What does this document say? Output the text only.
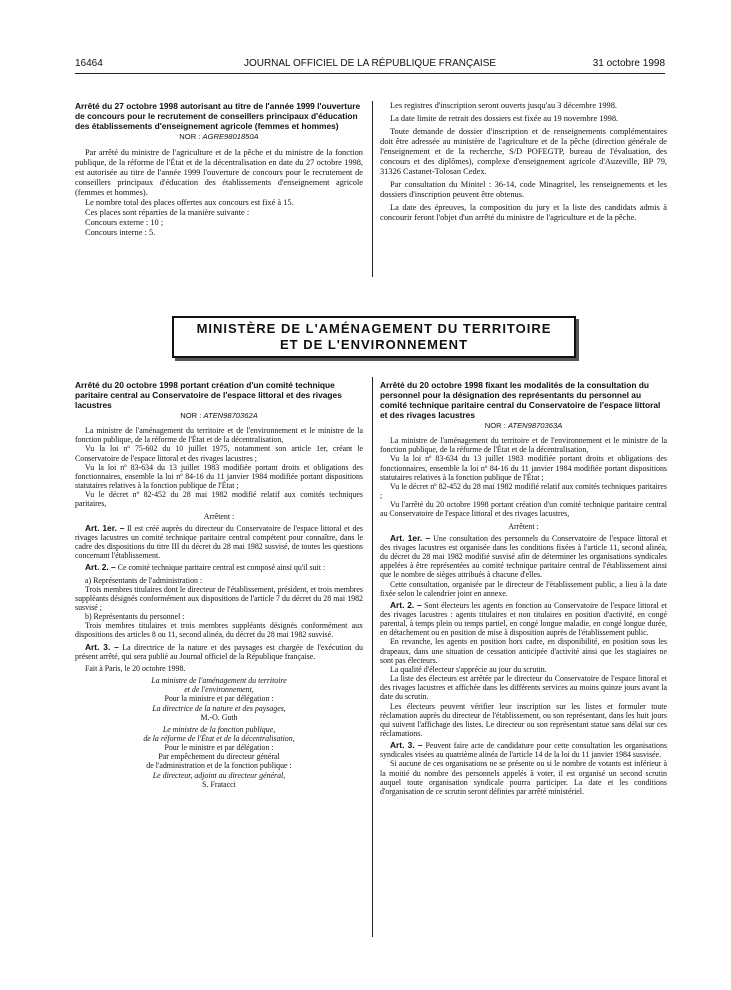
16464	JOURNAL OFFICIEL DE LA RÉPUBLIQUE FRANÇAISE	31 octobre 1998

Arrêté du 27 octobre 1998 autorisant au titre de l'année 1999 l'ouverture de concours pour le recrutement de conseillers principaux d'éducation des établissements d'enseignement agricole (femmes et hommes)

NOR : AGRE9801850A

Par arrêté du ministre de l'agriculture et de la pêche et du ministre de la fonction publique, de la réforme de l'État et de la décentralisation en date du 27 octobre 1998, est autorisée au titre de l'année 1999 l'ouverture de concours pour le recrutement de conseillers principaux d'éducation des établissements d'enseignement agricole (femmes et hommes).

Le nombre total des places offertes aux concours est fixé à 15.

Ces places sont réparties de la manière suivante :

Concours externe : 10 ;

Concours interne : 5.

Les registres d'inscription seront ouverts jusqu'au 3 décembre 1998.

La date limite de retrait des dossiers est fixée au 19 novembre 1998.

Toute demande de dossier d'inscription et de renseignements complémentaires doit être adressée au ministère de l'agriculture et de la pêche (direction générale de l'enseignement et de la recherche, S/D POFEGTP, bureau de l'évaluation, des concours et des diplômes), complexe d'enseignement agricole d'Auzeville, BP 79, 31326 Castanet-Tolosan Cedex.

Par consultation du Minitel : 36-14, code Minagritel, les renseignements et les dossiers d'inscription peuvent être obtenus.

La date des épreuves, la composition du jury et la liste des candidats admis à concourir feront l'objet d'un arrêté du ministre de l'agriculture et de la pêche.

MINISTÈRE DE L'AMÉNAGEMENT DU TERRITOIRE
ET DE L'ENVIRONNEMENT

Arrêté du 20 octobre 1998 portant création d'un comité technique paritaire central au Conservatoire de l'espace littoral et des rivages lacustres

NOR : ATEN9870362A

La ministre de l'aménagement du territoire et de l'environnement et le ministre de la fonction publique, de la réforme de l'État et de la décentralisation,

Vu la loi nº 75-602 du 10 juillet 1975, notamment son article 1er, créant le Conservatoire de l'espace littoral et des rivages lacustres ;

Vu la loi nº 83-634 du 13 juillet 1983 modifiée portant droits et obligations des fonctionnaires, ensemble la loi nº 84-16 du 11 janvier 1984 modifiée portant dispositions statutaires relatives à la fonction publique de l'État ;

Vu le décret nº 82-452 du 28 mai 1982 modifié relatif aux comités techniques paritaires,

Arrêtent :

Art. 1er. – Il est créé auprès du directeur du Conservatoire de l'espace littoral et des rivages lacustres un comité technique paritaire central compétent pour connaître, dans le cadre des dispositions du titre III du décret du 28 mai 1982 susvisé, de toutes les questions concernant l'établissement.

Art. 2. – Ce comité technique paritaire central est composé ainsi qu'il suit :

a) Représentants de l'administration :

Trois membres titulaires dont le directeur de l'établissement, président, et trois membres suppléants désignés conformément aux dispositions de l'article 7 du décret du 28 mai 1982 susvisé ;

b) Représentants du personnel :

Trois membres titulaires et trois membres suppléants désignés conformément aux dispositions des articles 8 ou 11, second alinéa, du décret du 28 mai 1982 susvisé.

Art. 3. – La directrice de la nature et des paysages est chargée de l'exécution du présent arrêté, qui sera publié au Journal officiel de la République française.

Fait à Paris, le 20 octobre 1998.

La ministre de l'aménagement du territoire

et de l'environnement,

Pour la ministre et par délégation :

La directrice de la nature et des paysages,

M.-O. Guth

Le ministre de la fonction publique,

de la réforme de l'État et de la décentralisation,

Pour le ministre et par délégation :

Par empêchement du directeur général

de l'administration et de la fonction publique :

Le directeur, adjoint au directeur général,

S. Fratacci

Arrêté du 20 octobre 1998 fixant les modalités de la consultation du personnel pour la désignation des représentants du personnel au comité technique paritaire central du Conservatoire de l'espace littoral et des rivages lacustres

NOR : ATEN9870363A

La ministre de l'aménagement du territoire et de l'environnement et le ministre de la fonction publique, de la réforme de l'État et de la décentralisation,

Vu la loi nº 83-634 du 13 juillet 1983 modifiée portant droits et obligations des fonctionnaires, ensemble la loi nº 84-16 du 11 janvier 1984 modifiée portant dispositions statutaires relatives à la fonction publique de l'État ;

Vu le décret nº 82-452 du 28 mai 1982 modifié relatif aux comités techniques paritaires ;

Vu l'arrêté du 20 octobre 1998 portant création d'un comité technique paritaire central au Conservatoire de l'espace littoral et des rivages lacustres,

Arrêtent :

Art. 1er. – Une consultation des personnels du Conservatoire de l'espace littoral et des rivages lacustres est organisée dans les conditions fixées à l'article 11, second alinéa, du décret du 28 mai 1982 modifié susvisé afin de déterminer les organisations syndicales appelées à être représentées au comité technique paritaire central de l'établissement ainsi que le nombre de sièges attribués à chacune d'elles.

Cette consultation, organisée par le directeur de l'établissement public, a lieu à la date fixée selon le calendrier joint en annexe.

Art. 2. – Sont électeurs les agents en fonction au Conservatoire de l'espace littoral et des rivages lacustres : agents titulaires et non titulaires en position d'activité, en congé parental, à temps plein ou temps partiel, en congé longue maladie, en congé longue durée, en détachement ou en position de mise à disposition auprès de l'établissement public.

En revanche, les agents en position hors cadre, en disponibilité, en position sous les drapeaux, dans une situation de cessation anticipée d'activité ainsi que les stagiaires ne sont pas électeurs.

La qualité d'électeur s'apprécie au jour du scrutin.

La liste des électeurs est arrêtée par le directeur du Conservatoire de l'espace littoral et des rivages lacustres et affichée dans les différents services au moins quinze jours avant la date du scrutin.

Les électeurs peuvent vérifier leur inscription sur les listes et formuler toute réclamation auprès du directeur de l'établissement, ou son représentant, dans les huit jours qui suivent l'affichage des listes. Le directeur ou son représentant statue sans délai sur ces réclamations.

Art. 3. – Peuvent faire acte de candidature pour cette consultation les organisations syndicales visées au quatrième alinéa de l'article 14 de la loi du 11 janvier 1984 susvisée.

Si aucune de ces organisations ne se présente ou si le nombre de votants est inférieur à la moitié du nombre des personnels appelés à voter, il est organisé un second scrutin auquel toute organisation syndicale pourra participer. La date et les conditions d'organisation de ce scrutin seront définies par arrêté ministériel.
